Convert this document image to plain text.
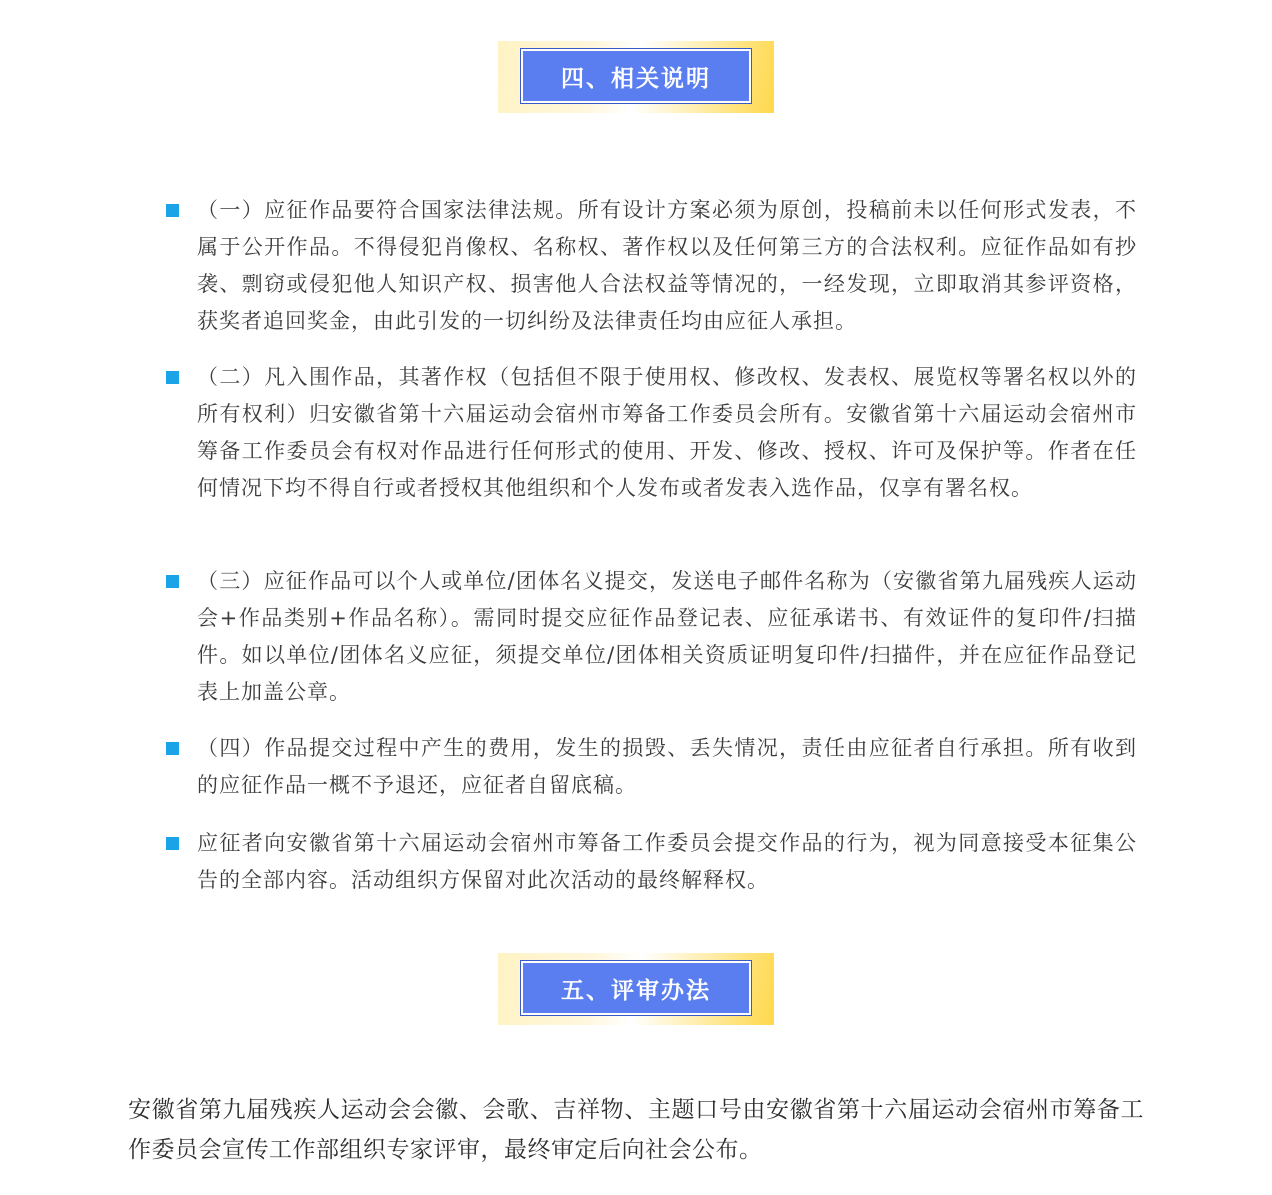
四、相关说明

（一）应征作品要符合国家法律法规。所有设计方案必须为原创，投稿前未以任何形式发表，不属于公开作品。不得侵犯肖像权、名称权、著作权以及任何第三方的合法权利。应征作品如有抄袭、剽窃或侵犯他人知识产权、损害他人合法权益等情况的，一经发现，立即取消其参评资格，获奖者追回奖金，由此引发的一切纠纷及法律责任均由应征人承担。

（二）凡入围作品，其著作权（包括但不限于使用权、修改权、发表权、展览权等署名权以外的所有权利）归安徽省第十六届运动会宿州市筹备工作委员会所有。安徽省第十六届运动会宿州市筹备工作委员会有权对作品进行任何形式的使用、开发、修改、授权、许可及保护等。作者在任何情况下均不得自行或者授权其他组织和个人发布或者发表入选作品，仅享有署名权。

（三）应征作品可以个人或单位/团体名义提交，发送电子邮件名称为（安徽省第九届残疾人运动会+作品类别+作品名称）。需同时提交应征作品登记表、应征承诺书、有效证件的复印件/扫描件。如以单位/团体名义应征，须提交单位/团体相关资质证明复印件/扫描件，并在应征作品登记表上加盖公章。

（四）作品提交过程中产生的费用，发生的损毁、丢失情况，责任由应征者自行承担。所有收到的应征作品一概不予退还，应征者自留底稿。

应征者向安徽省第十六届运动会宿州市筹备工作委员会提交作品的行为，视为同意接受本征集公告的全部内容。活动组织方保留对此次活动的最终解释权。

五、评审办法

安徽省第九届残疾人运动会会徽、会歌、吉祥物、主题口号由安徽省第十六届运动会宿州市筹备工作委员会宣传工作部组织专家评审，最终审定后向社会公布。
